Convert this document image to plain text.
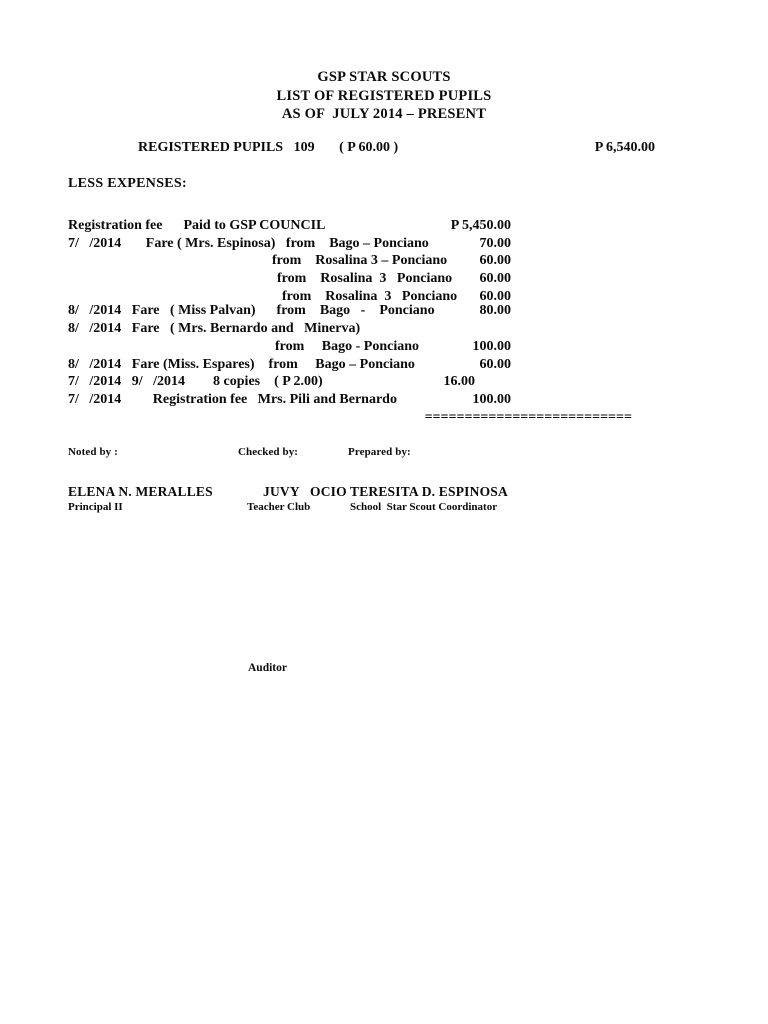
GSP STAR SCOUTS
LIST OF REGISTERED PUPILS
AS OF  JULY 2014 – PRESENT
REGISTERED PUPILS   109       ( P 60.00 )	P 6,540.00
LESS EXPENSES:
Registration fee      Paid to GSP COUNCIL	P 5,450.00
7/   /2014       Fare ( Mrs. Espinosa)   from    Bago – Ponciano	70.00
from    Rosalina 3 – Ponciano 60.00
from    Rosalina  3   Ponciano 60.00
from    Rosalina  3   Ponciano 60.00
8/   /2014   Fare   ( Miss Palvan)      from    Bago   -    Ponciano	80.00
8/   /2014   Fare   ( Mrs. Bernardo and   Minerva)
from     Bago - Ponciano	100.00
8/   /2014   Fare (Miss. Espares)    from     Bago – Ponciano	60.00
7/   /2014   9/   /2014        8 copies    ( P 2.00)	16.00
7/   /2014         Registration fee   Mrs. Pili and Bernardo	100.00
==========================
Noted by :	Checked by:	Prepared by:
ELENA N. MERALLES	JUVY   OCIO TERESITA D. ESPINOSA
Principal II	Teacher Club	School  Star Scout Coordinator
Auditor
